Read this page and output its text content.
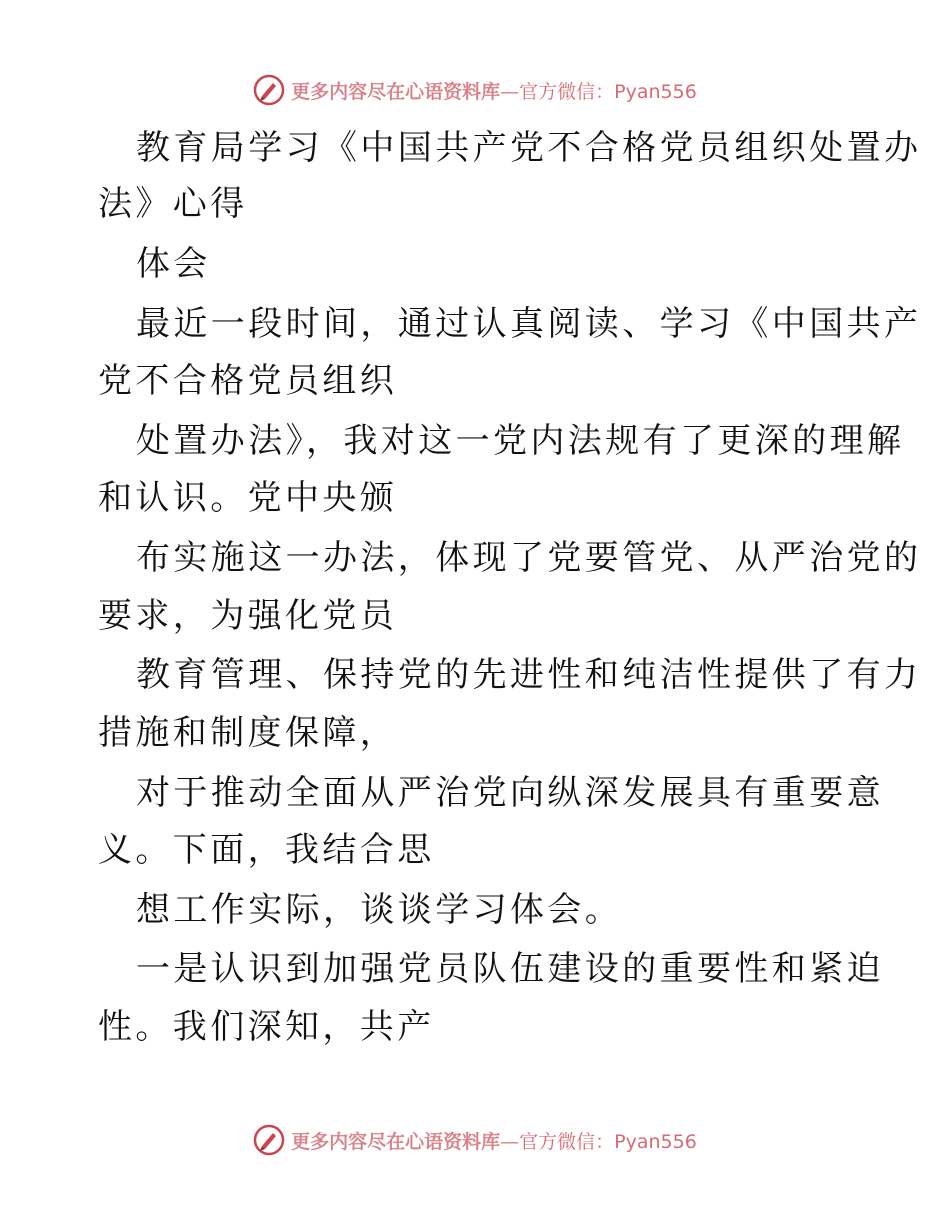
更多内容尽在心语资料库—官方微信：Pyan556
教育局学习《中国共产党不合格党员组织处置办
法》心得
体会
最近一段时间，通过认真阅读、学习《中国共产
党不合格党员组织
处置办法》，我对这一党内法规有了更深的理解
和认识。党中央颁
布实施这一办法，体现了党要管党、从严治党的
要求，为强化党员
教育管理、保持党的先进性和纯洁性提供了有力
措施和制度保障，
对于推动全面从严治党向纵深发展具有重要意
义。下面，我结合思
想工作实际，谈谈学习体会。
一是认识到加强党员队伍建设的重要性和紧迫
性。我们深知，共产
更多内容尽在心语资料库—官方微信：Pyan556
